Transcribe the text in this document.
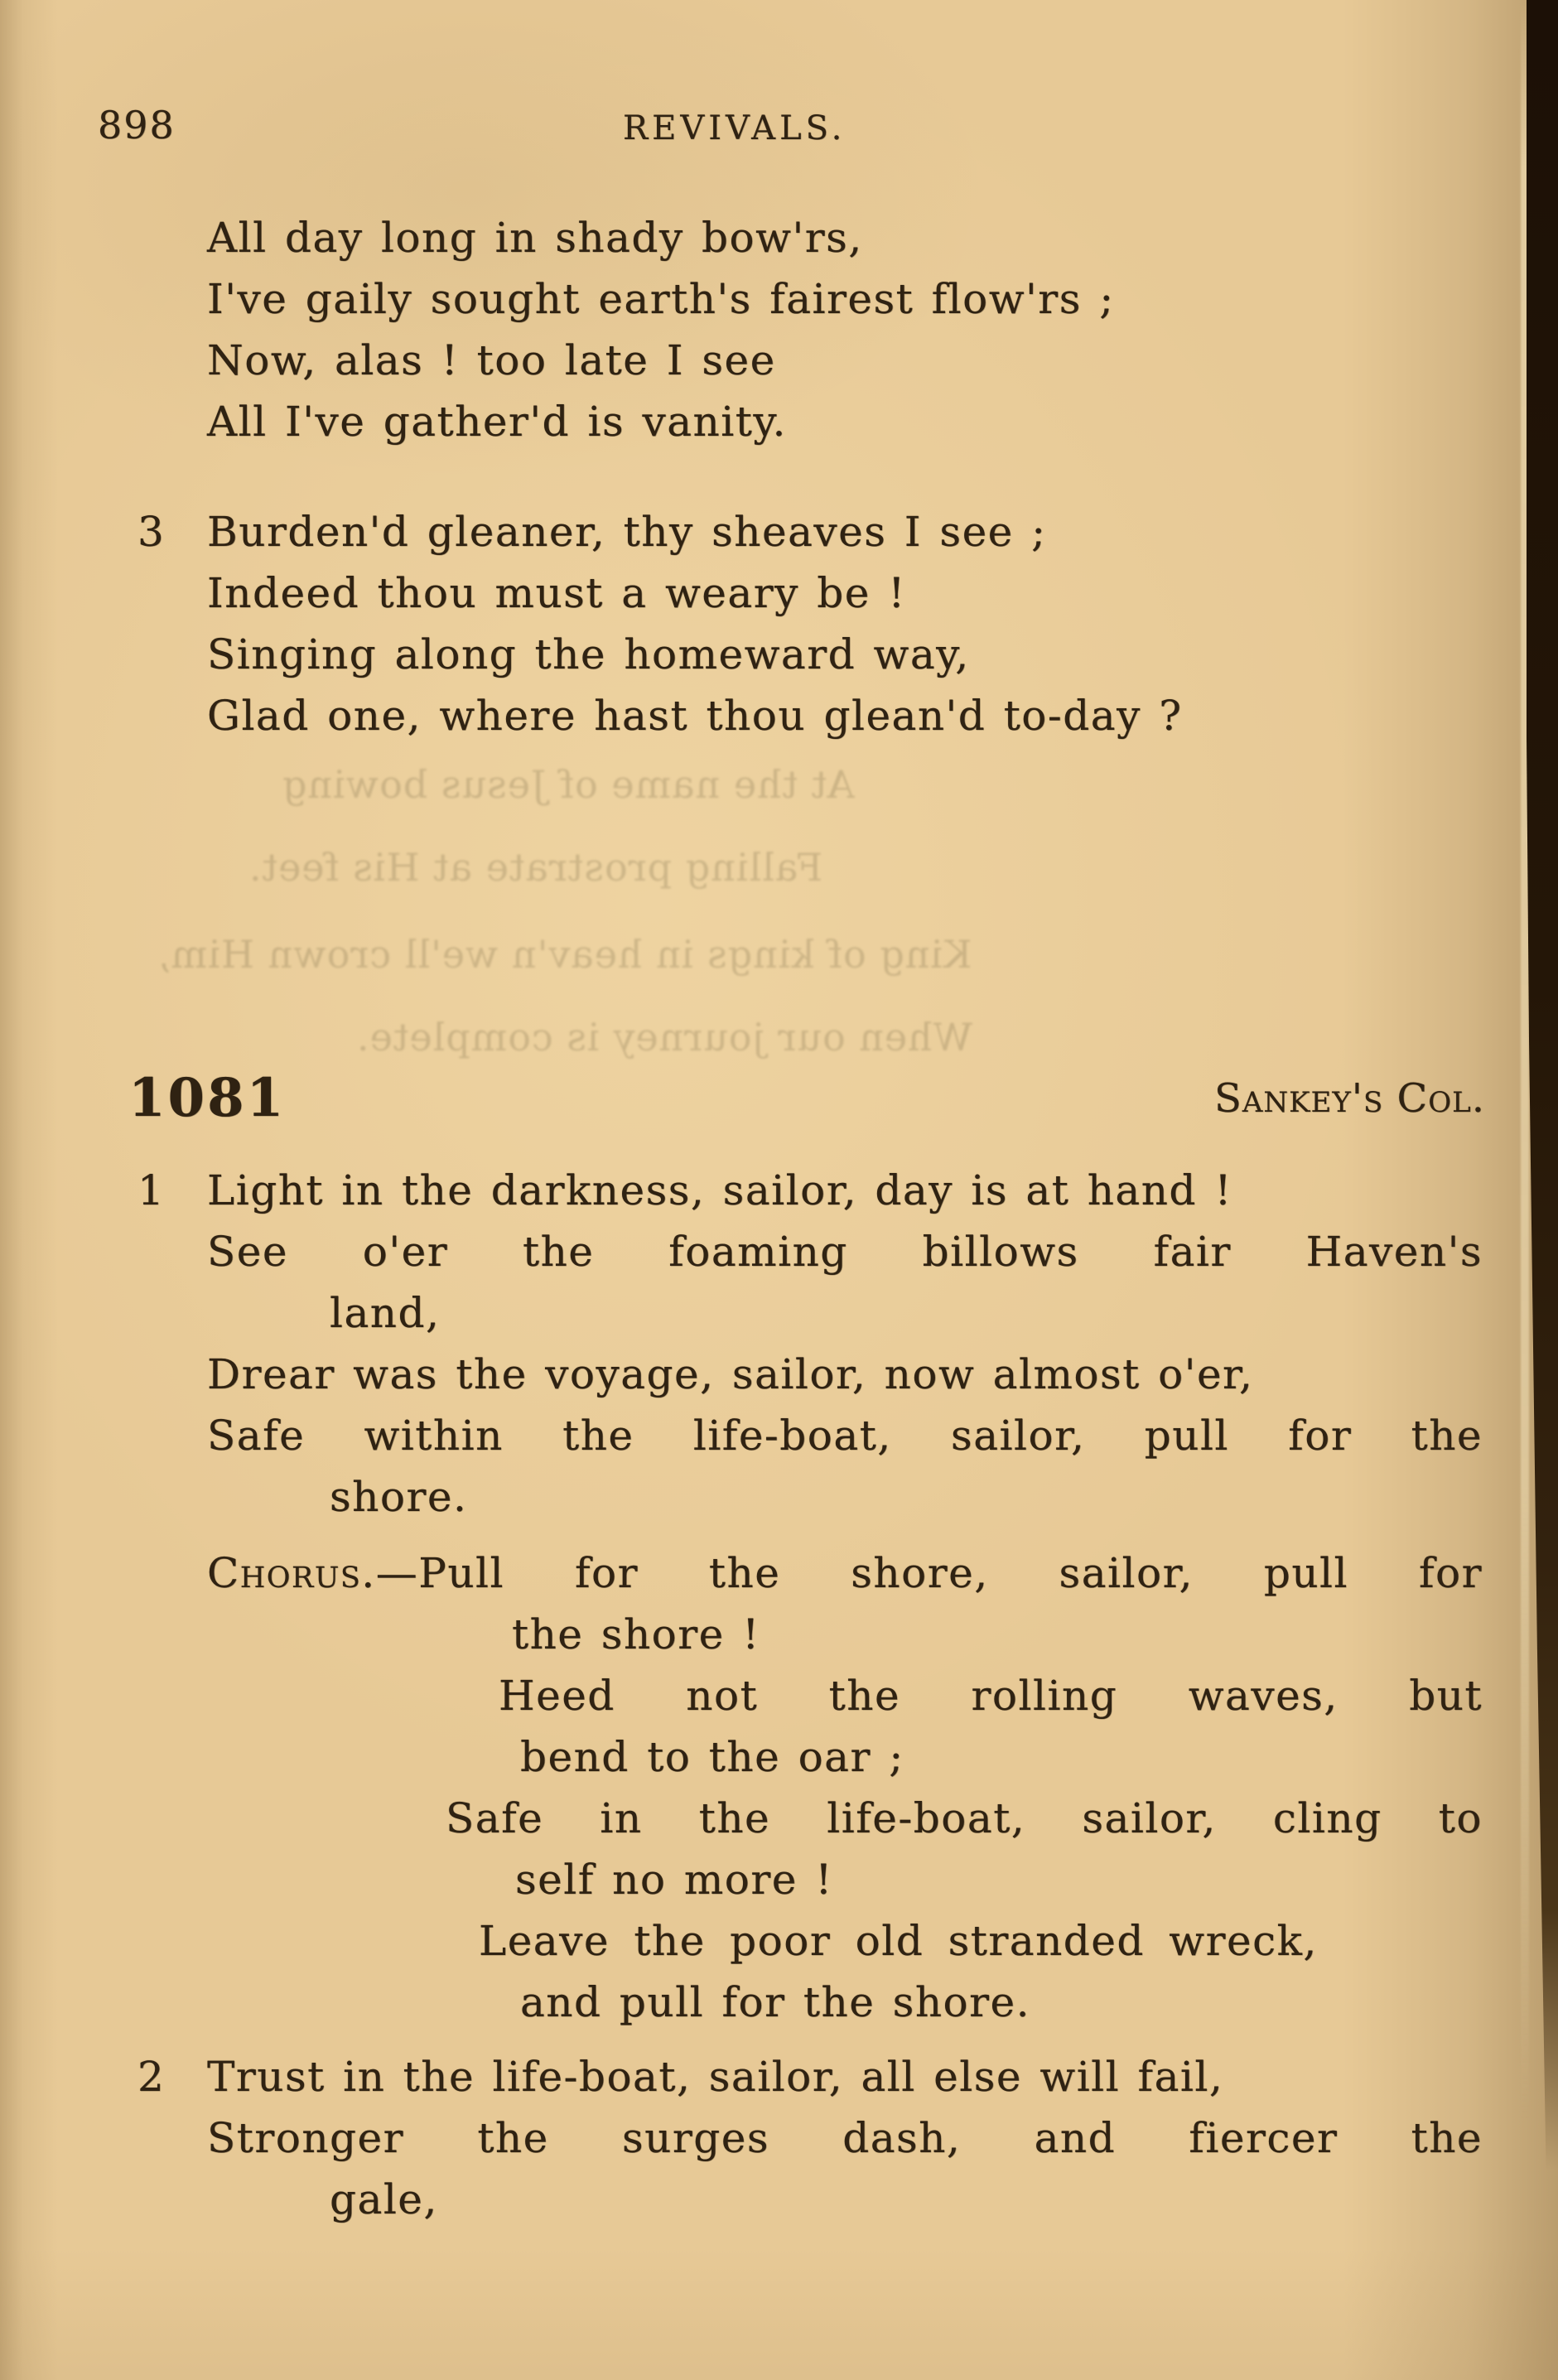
898	REVIVALS.
All day long in shady bow'rs,
I've gaily sought earth's fairest flow'rs ;
Now, alas ! too late I see
All I've gather'd is vanity.
3 Burden'd gleaner, thy sheaves I see ;
Indeed thou must a weary be !
Singing along the homeward way,
Glad one, where hast thou glean'd to-day ?
At the name of Jesus bowing
Falling prostrate at His feet.
King of kings in heav'n we'll crown Him,
When our journey is complete.
1081	Sankey's Col.
1 Light in the darkness, sailor, day is at hand !
See o'er the foaming billows fair Haven's
land,
Drear was the voyage, sailor, now almost o'er,
Safe within the life-boat, sailor, pull for the
shore.
Chorus.—Pull for the shore, sailor, pull for
the shore !
Heed not the rolling waves, but
bend to the oar ;
Safe in the life-boat, sailor, cling to
self no more !
Leave the poor old stranded wreck,
and pull for the shore.
2 Trust in the life-boat, sailor, all else will fail,
Stronger the surges dash, and fiercer the
gale,
